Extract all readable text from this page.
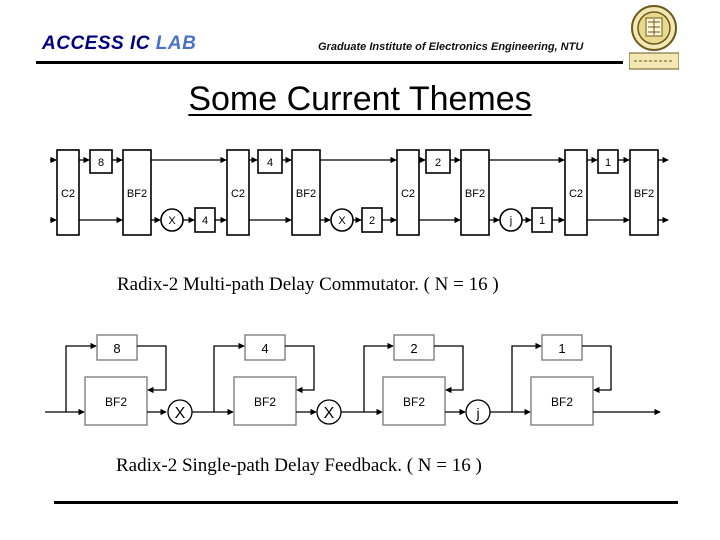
ACCESS IC LAB	Graduate Institute of Electronics Engineering, NTU
Some Current Themes
C2	BF2	C2	BF2	C2	BF2	C2	BF2
8	4	2	1
4	2	1
X	X	j
Radix-2 Multi-path Delay Commutator. ( N = 16 )
8	4	2	1
BF2	BF2	BF2	BF2
X	X	j
Radix-2 Single-path Delay Feedback. ( N = 16 )
